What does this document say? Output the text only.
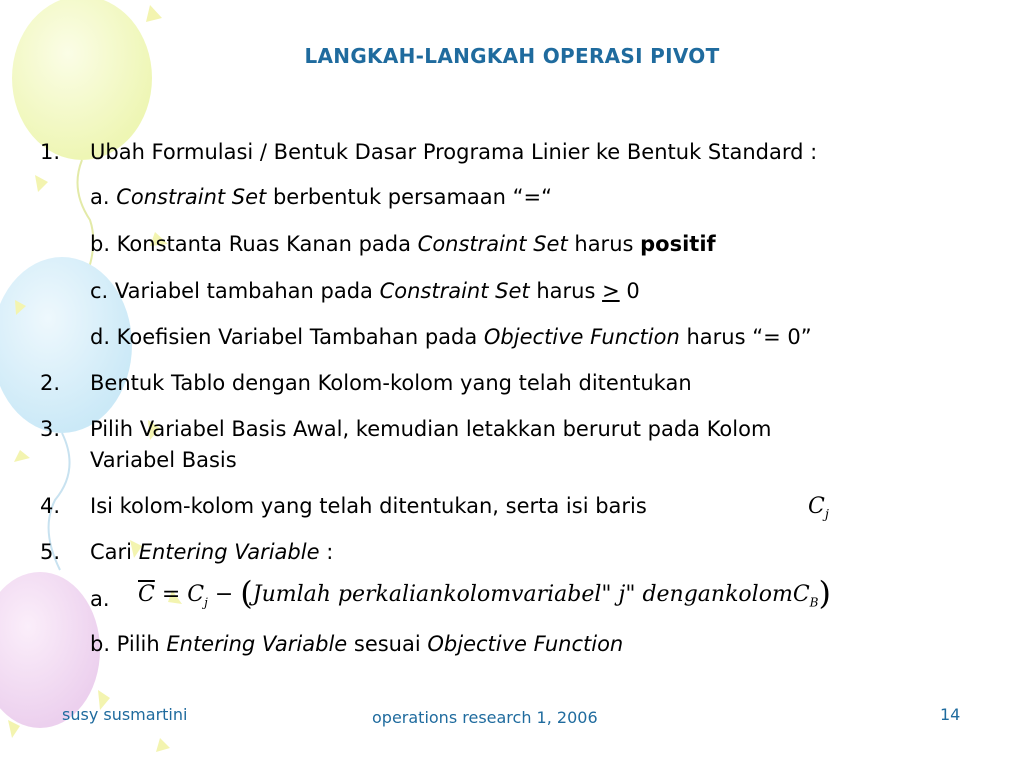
LANGKAH-LANGKAH OPERASI PIVOT
1. Ubah Formulasi / Bentuk Dasar Programa Linier ke Bentuk Standard :
a. Constraint Set berbentuk persamaan “=“
b. Konstanta Ruas Kanan pada Constraint Set harus positif
c. Variabel tambahan pada Constraint Set harus ≥ 0
d. Koefisien Variabel Tambahan pada Objective Function harus “= 0”
2. Bentuk Tablo dengan Kolom-kolom yang telah ditentukan
3. Pilih Variabel Basis Awal, kemudian letakkan berurut pada Kolom
Variabel Basis
4. Isi kolom-kolom yang telah ditentukan, serta isi baris	$C_j$
5. Cari Entering Variable :
a. $\overline{C} = C_j$ − (Jumlah perkaliankolomvariabel" j" dengankolomC$_B$)
b. Pilih Entering Variable sesuai Objective Function
susy susmartini	operations research 1, 2006	14
